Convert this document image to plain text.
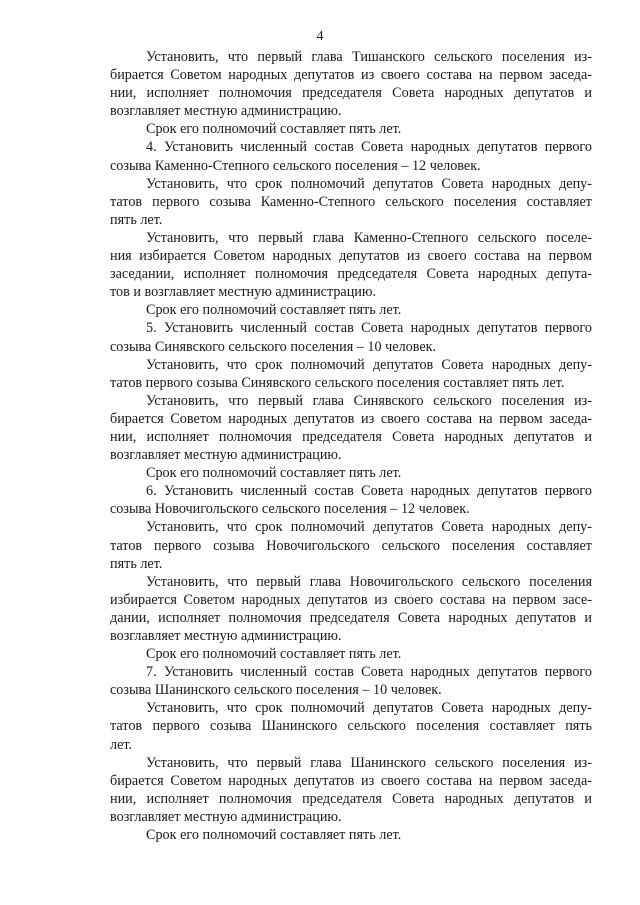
4

Установить, что первый глава Тишанского сельского поселения из-
бирается Советом народных депутатов из своего состава на первом заседа-
нии, исполняет полномочия председателя Совета народных депутатов и
возглавляет местную администрацию.

Срок его полномочий составляет пять лет.

4. Установить численный состав Совета народных депутатов первого
созыва Каменно-Степного сельского поселения – 12 человек.

Установить, что срок полномочий депутатов Совета народных депу-
татов первого созыва Каменно-Степного сельского поселения составляет
пять лет.

Установить, что первый глава Каменно-Степного сельского поселе-
ния избирается Советом народных депутатов из своего состава на первом
заседании, исполняет полномочия председателя Совета народных депута-
тов и возглавляет местную администрацию.

Срок его полномочий составляет пять лет.

5. Установить численный состав Совета народных депутатов первого
созыва Синявского сельского поселения – 10 человек.

Установить, что срок полномочий депутатов Совета народных депу-
татов первого созыва Синявского сельского поселения составляет пять лет.

Установить, что первый глава Синявского сельского поселения из-
бирается Советом народных депутатов из своего состава на первом заседа-
нии, исполняет полномочия председателя Совета народных депутатов и
возглавляет местную администрацию.

Срок его полномочий составляет пять лет.

6. Установить численный состав Совета народных депутатов первого
созыва Новочигольского сельского поселения – 12 человек.

Установить, что срок полномочий депутатов Совета народных депу-
татов первого созыва Новочигольского сельского поселения составляет
пять лет.

Установить, что первый глава Новочигольского сельского поселения
избирается Советом народных депутатов из своего состава на первом засе-
дании, исполняет полномочия председателя Совета народных депутатов и
возглавляет местную администрацию.

Срок его полномочий составляет пять лет.

7. Установить численный состав Совета народных депутатов первого
созыва Шанинского сельского поселения – 10 человек.

Установить, что срок полномочий депутатов Совета народных депу-
татов первого созыва Шанинского сельского поселения составляет пять
лет.

Установить, что первый глава Шанинского сельского поселения из-
бирается Советом народных депутатов из своего состава на первом заседа-
нии, исполняет полномочия председателя Совета народных депутатов и
возглавляет местную администрацию.

Срок его полномочий составляет пять лет.
